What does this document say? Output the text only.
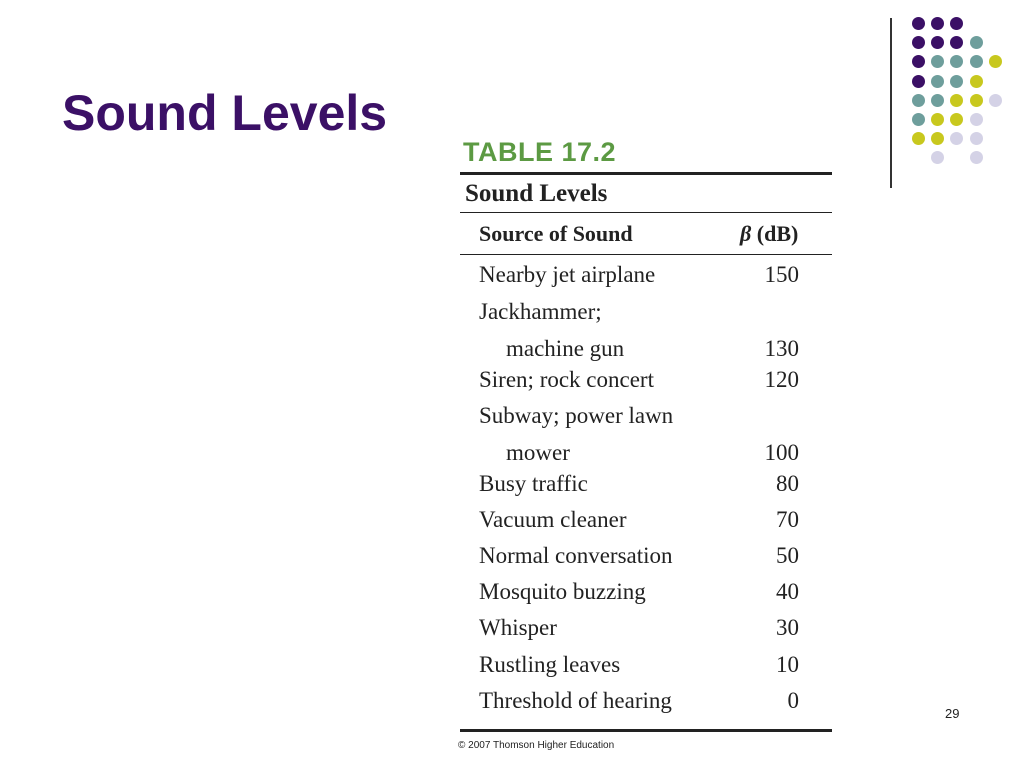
Sound Levels
TABLE 17.2
Sound Levels
Source of Sound	β (dB)
Nearby jet airplane	150
Jackhammer;
machine gun	130
Siren; rock concert	120
Subway; power lawn
mower	100
Busy traffic	80
Vacuum cleaner	70
Normal conversation	50
Mosquito buzzing	40
Whisper	30
Rustling leaves	10
Threshold of hearing	0
© 2007 Thomson Higher Education
29
